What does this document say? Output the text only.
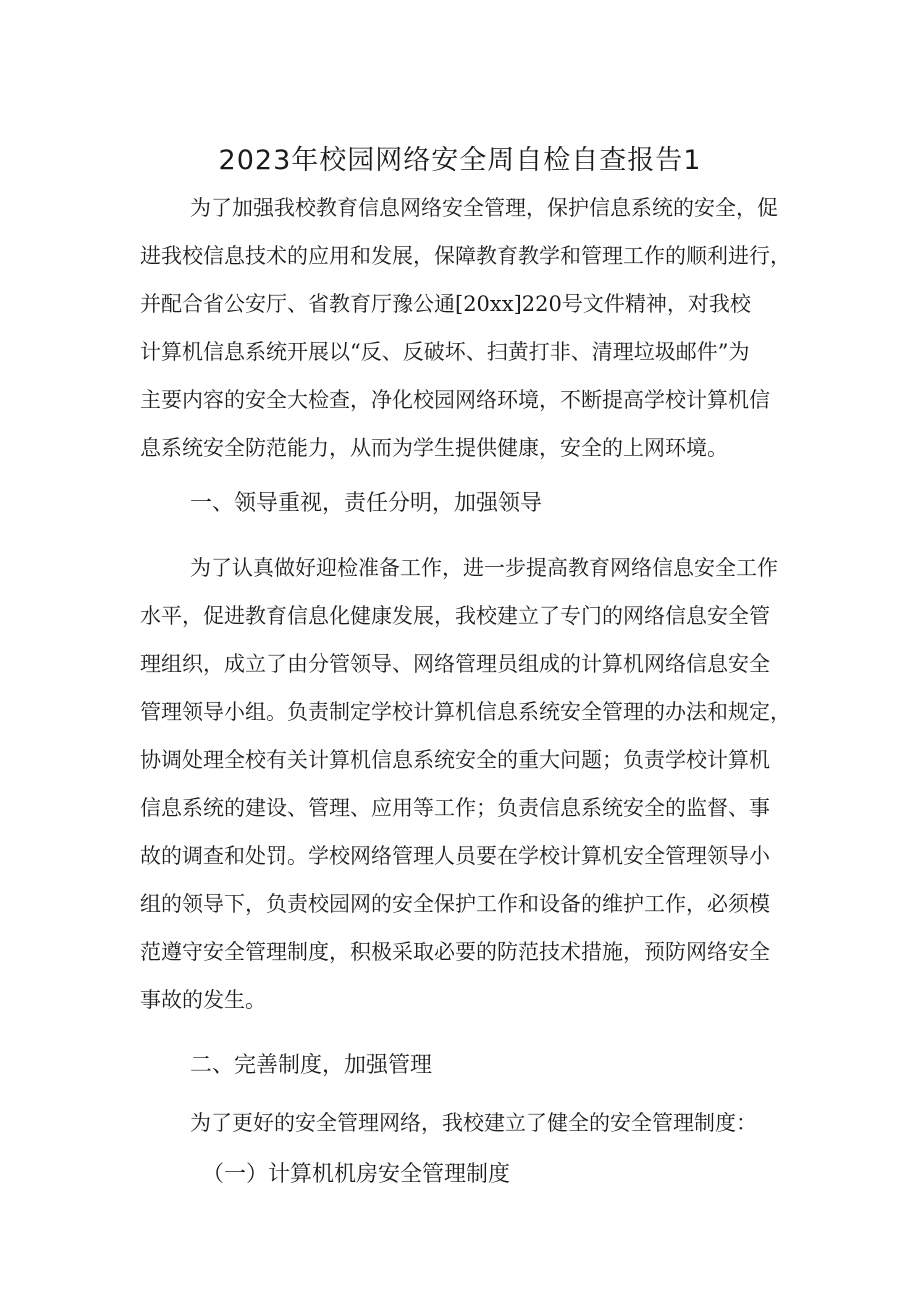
2023年校园网络安全周自检自查报告1

为了加强我校教育信息网络安全管理，保护信息系统的安全，促

进我校信息技术的应用和发展，保障教育教学和管理工作的顺利进行，

并配合省公安厅、省教育厅豫公通[20xx]220号文件精神，对我校

计算机信息系统开展以“反、反破坏、扫黄打非、清理垃圾邮件”为

主要内容的安全大检查，净化校园网络环境，不断提高学校计算机信

息系统安全防范能力，从而为学生提供健康，安全的上网环境。

一、领导重视，责任分明，加强领导

为了认真做好迎检准备工作，进一步提高教育网络信息安全工作

水平，促进教育信息化健康发展，我校建立了专门的网络信息安全管

理组织，成立了由分管领导、网络管理员组成的计算机网络信息安全

管理领导小组。负责制定学校计算机信息系统安全管理的办法和规定，

协调处理全校有关计算机信息系统安全的重大问题；负责学校计算机

信息系统的建设、管理、应用等工作；负责信息系统安全的监督、事

故的调查和处罚。学校网络管理人员要在学校计算机安全管理领导小

组的领导下，负责校园网的安全保护工作和设备的维护工作，必须模

范遵守安全管理制度，积极采取必要的防范技术措施，预防网络安全

事故的发生。

二、完善制度，加强管理

为了更好的安全管理网络，我校建立了健全的安全管理制度：

（一）计算机机房安全管理制度
